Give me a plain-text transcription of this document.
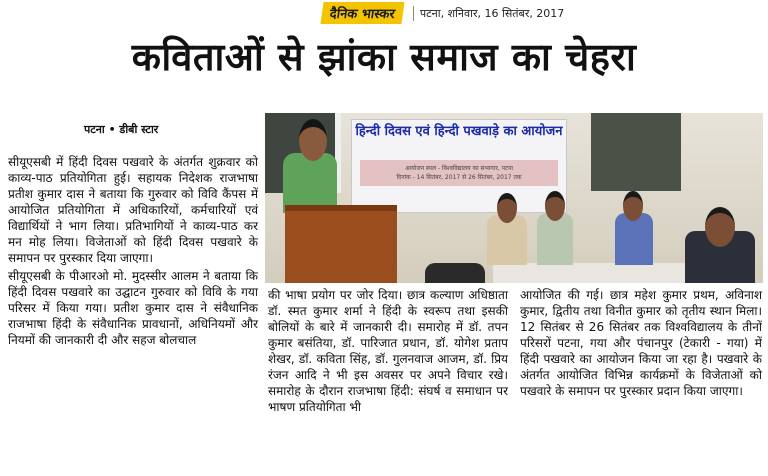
दैनिक भास्कर	पटना, शनिवार, 16 सितंबर, 2017
कविताओं से झांका समाज का चेहरा
पटना • डीबी स्टार

सीयूएसबी में हिंदी दिवस पखवारे के अंतर्गत शुक्रवार को काव्य-पाठ प्रतियोगिता हुई। सहायक निदेशक राजभाषा प्रतीश कुमार दास ने बताया कि गुरुवार को विवि कैंपस में आयोजित प्रतियोगिता में अधिकारियों, कर्मचारियों एवं विद्यार्थियों ने भाग लिया। प्रतिभागियों ने काव्य-पाठ कर मन मोह लिया। विजेताओं को हिंदी दिवस पखवारे के समापन पर पुरस्कार दिया जाएगा।

सीयूएसबी के पीआरओ मो. मुदस्सीर आलम ने बताया कि हिंदी दिवस पखवारे का उद्घाटन गुरुवार को विवि के गया परिसर में किया गया। प्रतीश कुमार दास ने संवैधानिक राजभाषा हिंदी के संवैधानिक प्रावधानों, अधिनियमों और नियमों की जानकारी दी और सहज बोलचाल

हिन्दी दिवस एवं हिन्दी पखवाड़े का आयोजन
आयोजन स्थल - विश्वविद्यालय का सभागार, पटना
दिनांक - 14 सितंबर, 2017 से 26 सितंबर, 2017 तक

की भाषा प्रयोग पर जोर दिया। छात्र कल्याण अधिष्ठाता डॉ. स्मत कुमार शर्मा ने हिंदी के स्वरूप तथा इसकी बोलियों के बारे में जानकारी दी। समारोह में डॉ. तपन कुमार बसंतिया, डॉ. पारिजात प्रधान, डॉ. योगेश प्रताप शेखर, डॉ. कविता सिंह, डॉ. गुलनवाज आजम, डॉ. प्रिय रंजन आदि ने भी इस अवसर पर अपने विचार रखे। समारोह के दौरान राजभाषा हिंदी: संघर्ष व समाधान पर भाषण प्रतियोगिता भी

आयोजित की गई। छात्र महेश कुमार प्रथम, अविनाश कुमार, द्वितीय तथा विनीत कुमार को तृतीय स्थान मिला। 12 सितंबर से 26 सितंबर तक विश्वविद्यालय के तीनों परिसरों पटना, गया और पंचानपुर (टेकारी - गया) में हिंदी पखवारे का आयोजन किया जा रहा है। पखवारे के अंतर्गत आयोजित विभिन्न कार्यक्रमों के विजेताओं को पखवारे के समापन पर पुरस्कार प्रदान किया जाएगा।
